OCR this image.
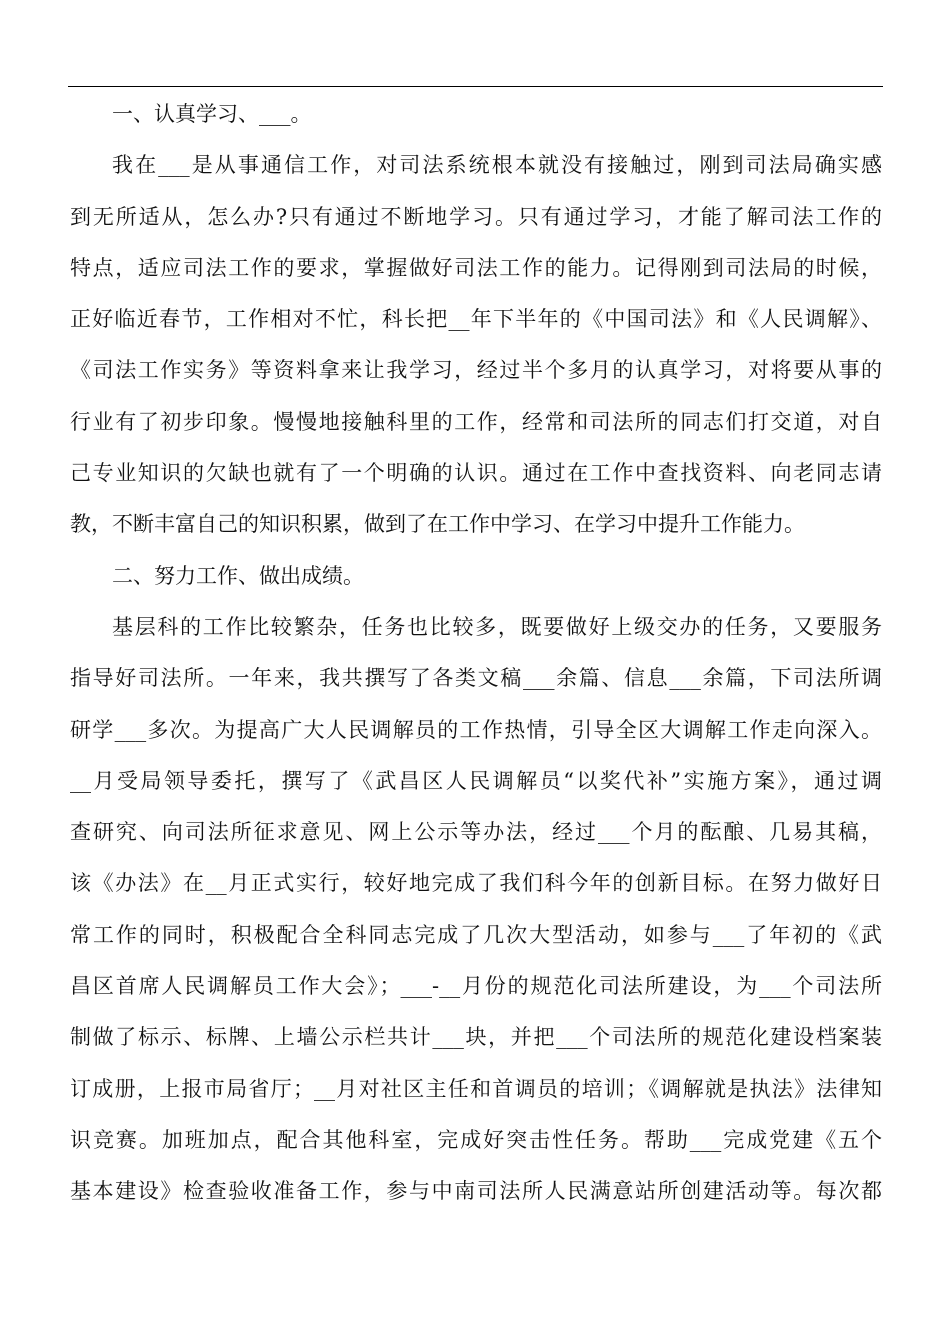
一、认真学习、___。
我在___是从事通信工作，对司法系统根本就没有接触过，刚到司法局确实感
到无所适从，怎么办?只有通过不断地学习。只有通过学习，才能了解司法工作的
特点，适应司法工作的要求，掌握做好司法工作的能力。记得刚到司法局的时候，
正好临近春节，工作相对不忙，科长把__年下半年的《中国司法》和《人民调解》、
《司法工作实务》等资料拿来让我学习，经过半个多月的认真学习，对将要从事的
行业有了初步印象。慢慢地接触科里的工作，经常和司法所的同志们打交道，对自
己专业知识的欠缺也就有了一个明确的认识。通过在工作中查找资料、向老同志请
教，不断丰富自己的知识积累，做到了在工作中学习、在学习中提升工作能力。
二、努力工作、做出成绩。
基层科的工作比较繁杂，任务也比较多，既要做好上级交办的任务，又要服务
指导好司法所。一年来，我共撰写了各类文稿___余篇、信息___余篇，下司法所调
研学___多次。为提高广大人民调解员的工作热情，引导全区大调解工作走向深入。
__月受局领导委托，撰写了《武昌区人民调解员“以奖代补”实施方案》，通过调
查研究、向司法所征求意见、网上公示等办法，经过___个月的酝酿、几易其稿，
该《办法》在__月正式实行，较好地完成了我们科今年的创新目标。在努力做好日
常工作的同时，积极配合全科同志完成了几次大型活动，如参与___了年初的《武
昌区首席人民调解员工作大会》；___-__月份的规范化司法所建设，为___个司法所
制做了标示、标牌、上墙公示栏共计___块，并把___个司法所的规范化建设档案装
订成册，上报市局省厅；__月对社区主任和首调员的培训；《调解就是执法》法律知
识竞赛。加班加点，配合其他科室，完成好突击性任务。帮助___完成党建《五个
基本建设》检查验收准备工作，参与中南司法所人民满意站所创建活动等。每次都
